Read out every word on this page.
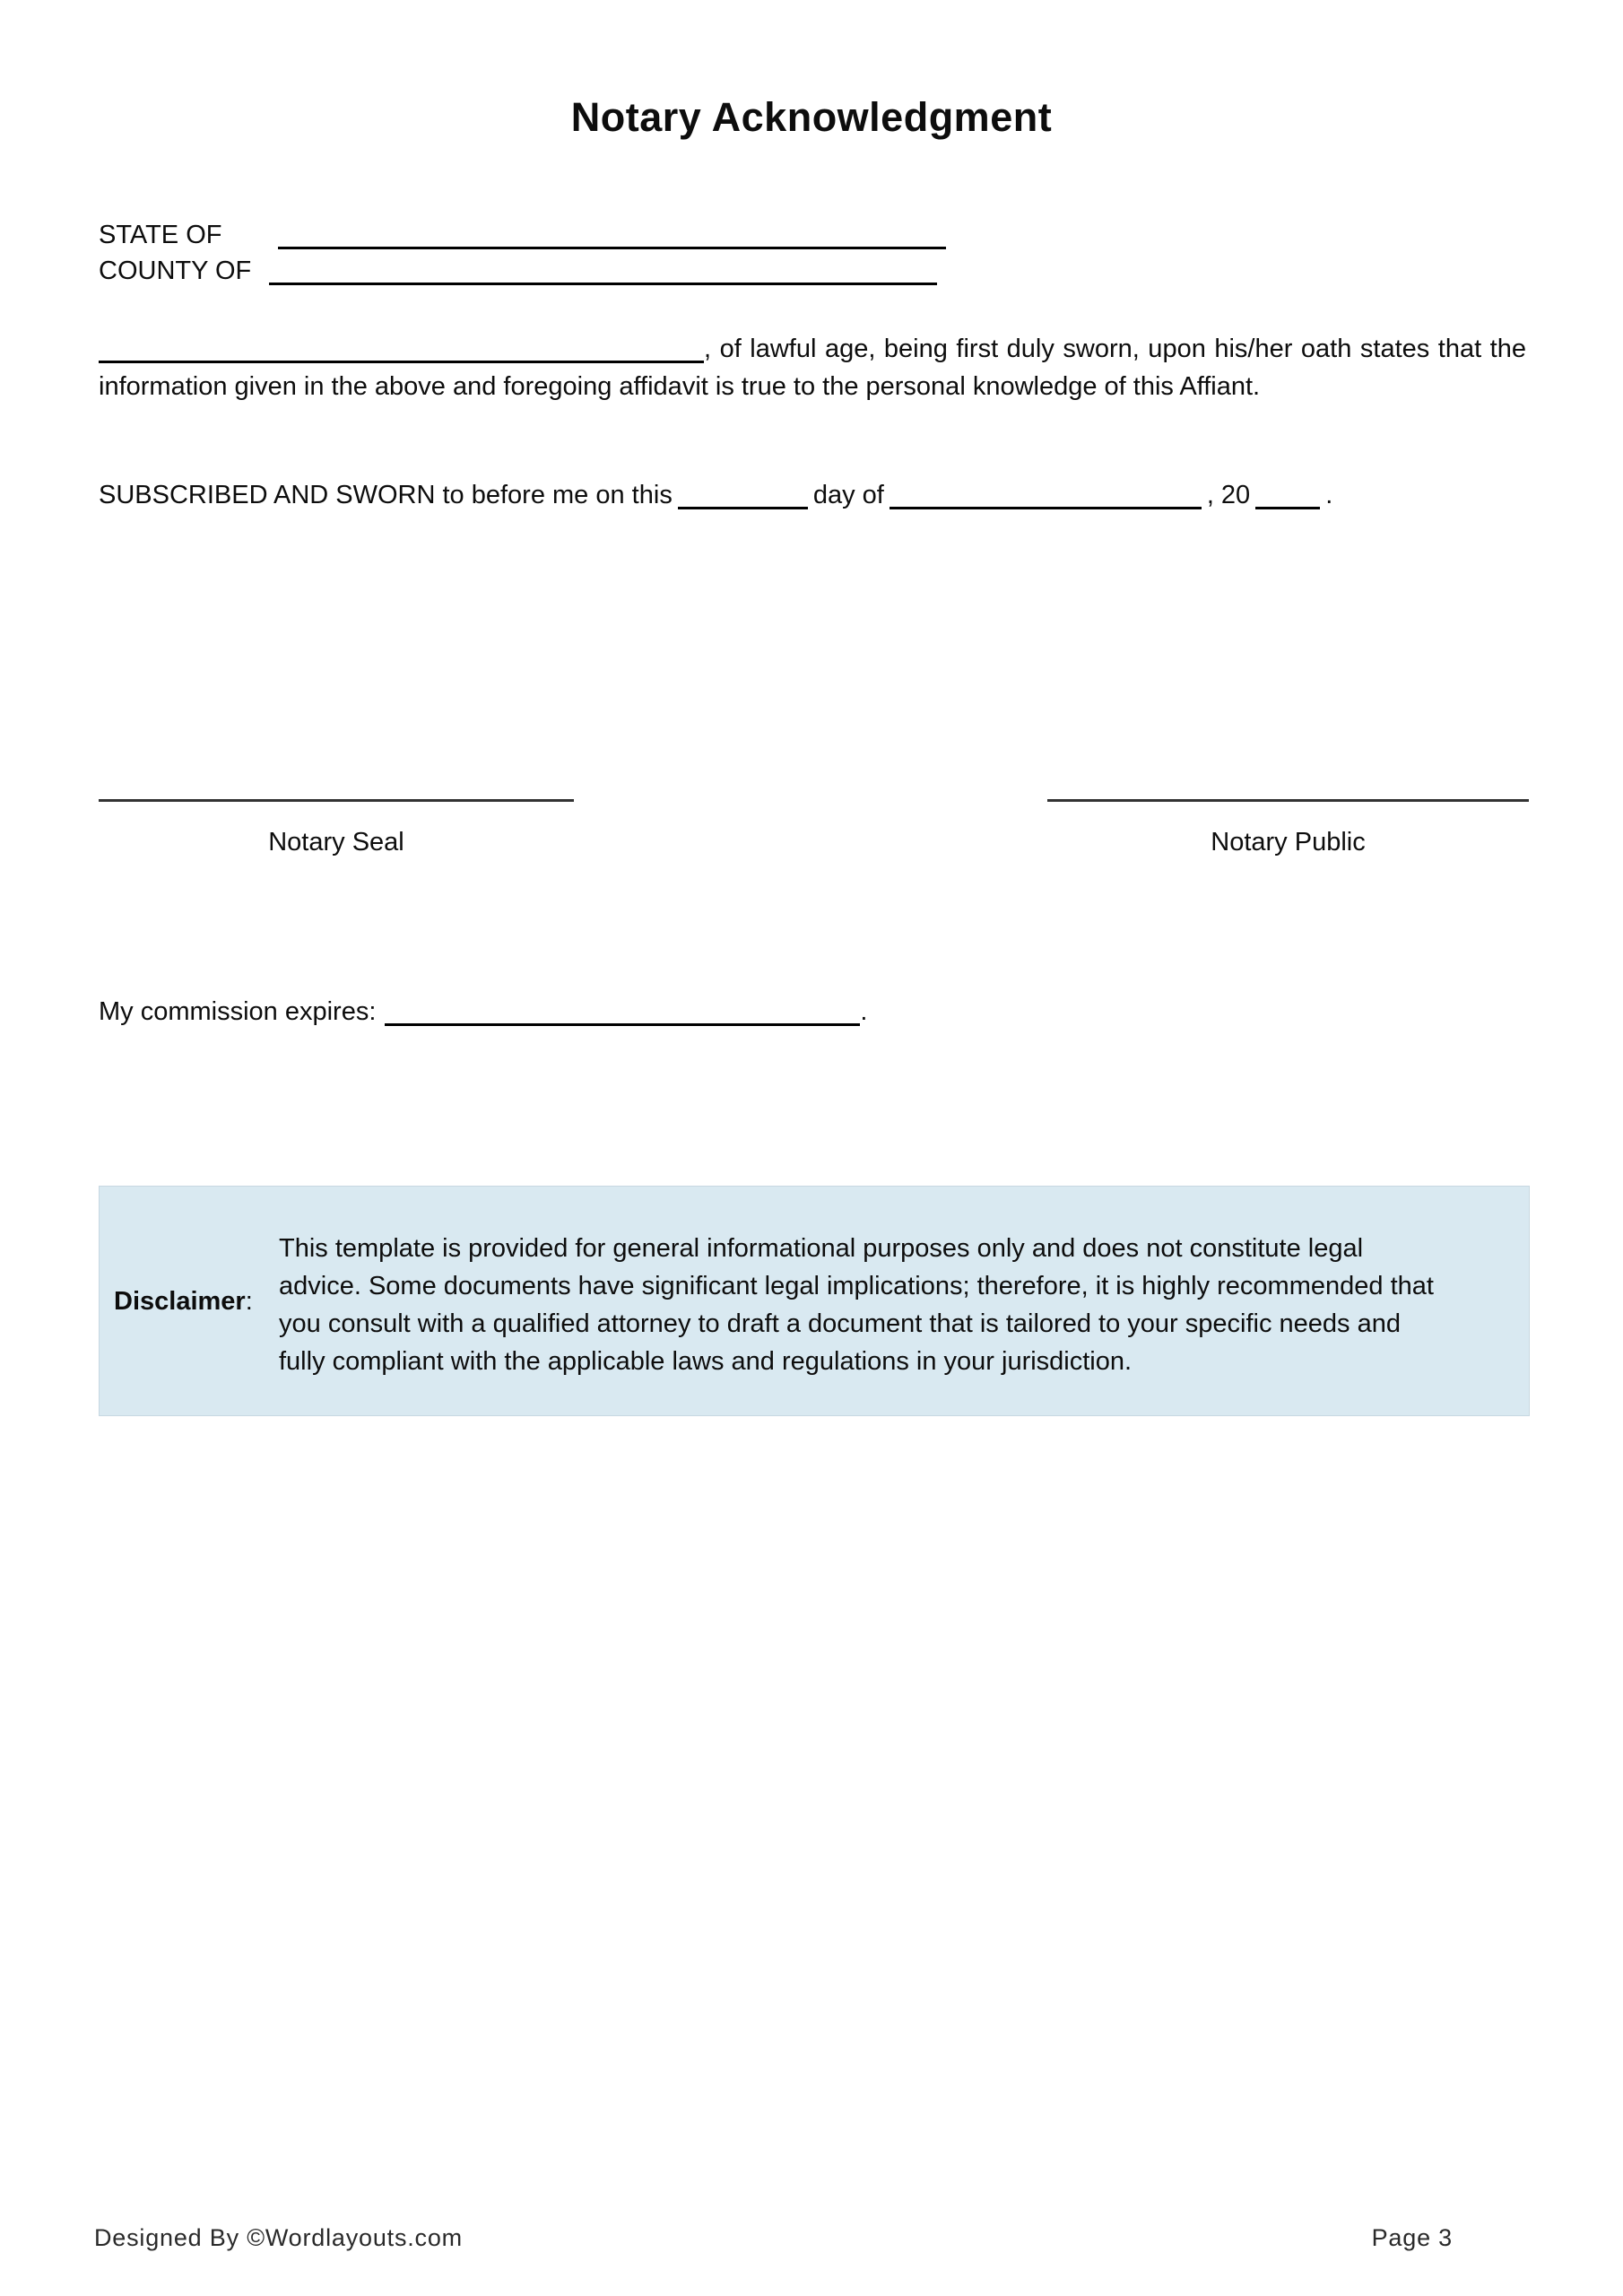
Notary Acknowledgment
STATE OF
COUNTY OF

, of lawful age, being first duly sworn, upon his/her oath states that the information given in the above and foregoing affidavit is true to the personal knowledge of this Affiant.

SUBSCRIBED AND SWORN to before me on this	day of	, 20	.

Notary Seal	Notary Public

My commission expires:	.

Disclaimer:
This template is provided for general informational purposes only and does not constitute legal
advice. Some documents have significant legal implications; therefore, it is highly recommended that
you consult with a qualified attorney to draft a document that is tailored to your specific needs and
fully compliant with the applicable laws and regulations in your jurisdiction.
Designed By ©Wordlayouts.com	Page 3
